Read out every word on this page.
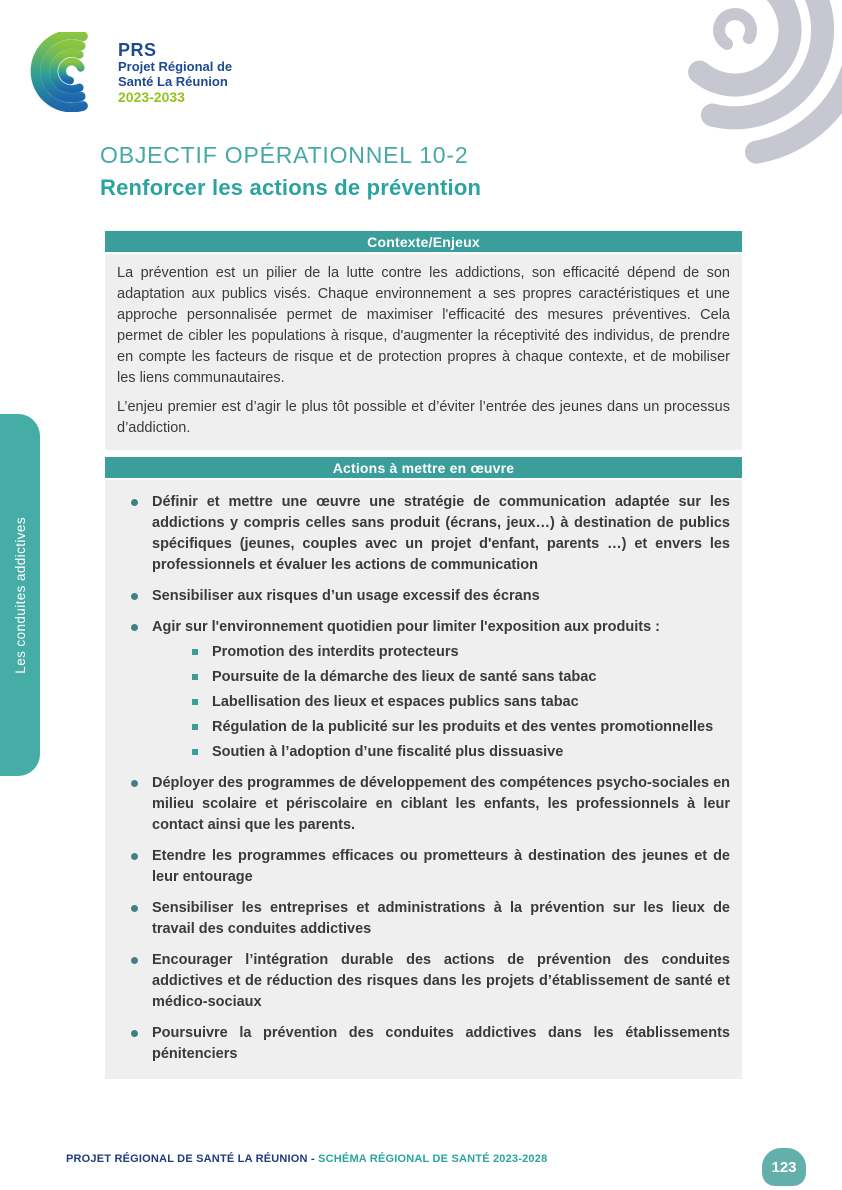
PRS
Projet Régional de
Santé La Réunion
2023-2033
OBJECTIF OPÉRATIONNEL 10-2
Renforcer les actions de prévention
Contexte/Enjeux

La prévention est un pilier de la lutte contre les addictions, son efficacité dépend de son adaptation aux publics visés. Chaque environnement a ses propres caractéristiques et une approche personnalisée permet de maximiser l'efficacité des mesures préventives. Cela permet de cibler les populations à risque, d'augmenter la réceptivité des individus, de prendre en compte les facteurs de risque et de protection propres à chaque contexte, et de mobiliser les liens communautaires.

L’enjeu premier est d’agir le plus tôt possible et d’éviter l’entrée des jeunes dans un processus d’addiction.

Actions à mettre en œuvre
Définir et mettre une œuvre une stratégie de communication adaptée sur les addictions y compris celles sans produit (écrans, jeux…) à destination de publics spécifiques (jeunes, couples avec un projet d'enfant, parents …) et envers les professionnels et évaluer les actions de communication
Sensibiliser aux risques d’un usage excessif des écrans
Agir sur l'environnement quotidien pour limiter l'exposition aux produits :
Promotion des interdits protecteurs
Poursuite de la démarche des lieux de santé sans tabac
Labellisation des lieux et espaces publics sans tabac
Régulation de la publicité sur les produits et des ventes promotionnelles
Soutien à l’adoption d’une fiscalité plus dissuasive
Déployer des programmes de développement des compétences psycho-sociales en milieu scolaire et périscolaire en ciblant les enfants, les professionnels à leur contact ainsi que les parents.
Etendre les programmes efficaces ou prometteurs à destination des jeunes et de leur entourage
Sensibiliser les entreprises et administrations à la prévention sur les lieux de travail des conduites addictives
Encourager l’intégration durable des actions de prévention des conduites addictives et de réduction des risques dans les projets d’établissement de santé et médico-sociaux
Poursuivre la prévention des conduites addictives dans les établissements pénitenciers
Les conduites addictives
PROJET RÉGIONAL DE SANTÉ LA RÉUNION - SCHÉMA RÉGIONAL DE SANTÉ 2023-2028	123
